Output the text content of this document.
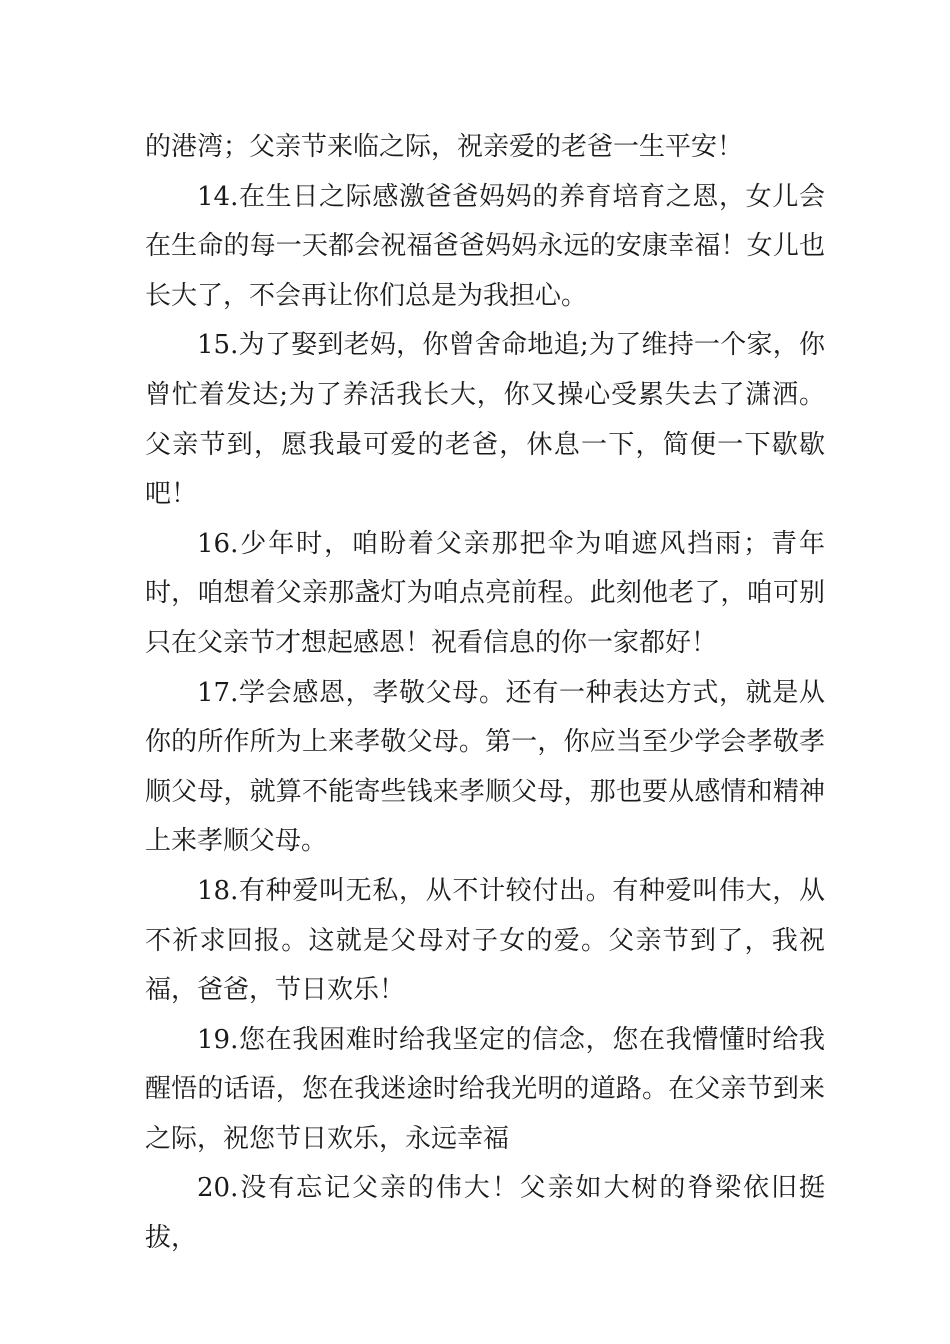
的港湾；父亲节来临之际，祝亲爱的老爸一生平安！

14.在生日之际感激爸爸妈妈的养育培育之恩，女儿会在生命的每一天都会祝福爸爸妈妈永远的安康幸福！女儿也长大了，不会再让你们总是为我担心。

15.为了娶到老妈，你曾舍命地追;为了维持一个家，你曾忙着发达;为了养活我长大，你又操心受累失去了潇洒。父亲节到，愿我最可爱的老爸，休息一下，简便一下歇歇吧！

16.少年时，咱盼着父亲那把伞为咱遮风挡雨；青年时，咱想着父亲那盏灯为咱点亮前程。此刻他老了，咱可别只在父亲节才想起感恩！祝看信息的你一家都好！

17.学会感恩，孝敬父母。还有一种表达方式，就是从你的所作所为上来孝敬父母。第一，你应当至少学会孝敬孝顺父母，就算不能寄些钱来孝顺父母，那也要从感情和精神上来孝顺父母。

18.有种爱叫无私，从不计较付出。有种爱叫伟大，从不祈求回报。这就是父母对子女的爱。父亲节到了，我祝福，爸爸，节日欢乐！

19.您在我困难时给我坚定的信念，您在我懵懂时给我醒悟的话语，您在我迷途时给我光明的道路。在父亲节到来之际，祝您节日欢乐，永远幸福

20.没有忘记父亲的伟大！父亲如大树的脊梁依旧挺拔，
